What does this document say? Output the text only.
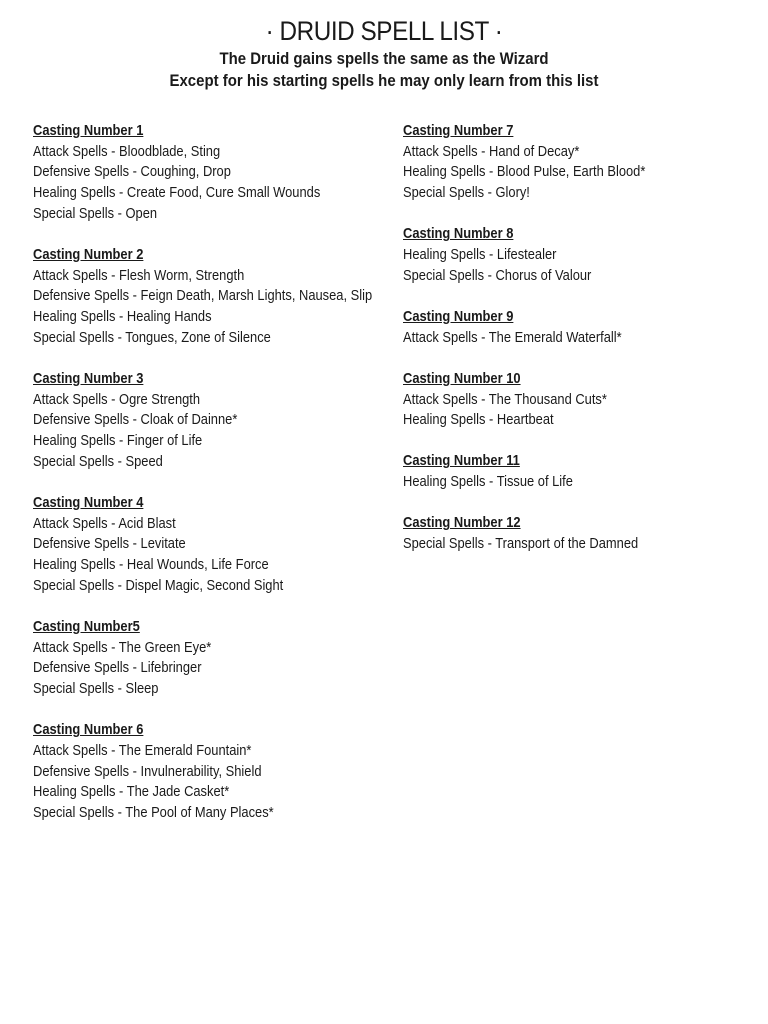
· DRUID SPELL LIST ·
The Druid gains spells the same as the Wizard
Except for his starting spells he may only learn from this list
Casting Number 1
Attack Spells - Bloodblade, Sting
Defensive Spells - Coughing, Drop
Healing Spells - Create Food, Cure Small Wounds
Special Spells - Open
Casting Number 2
Attack Spells - Flesh Worm, Strength
Defensive Spells - Feign Death, Marsh Lights, Nausea, Slip
Healing Spells - Healing Hands
Special Spells - Tongues, Zone of Silence
Casting Number 3
Attack Spells - Ogre Strength
Defensive Spells - Cloak of Dainne*
Healing Spells - Finger of Life
Special Spells - Speed
Casting Number 4
Attack Spells - Acid Blast
Defensive Spells - Levitate
Healing Spells - Heal Wounds, Life Force
Special Spells - Dispel Magic, Second Sight
Casting Number5
Attack Spells - The Green Eye*
Defensive Spells - Lifebringer
Special Spells - Sleep
Casting Number 6
Attack Spells - The Emerald Fountain*
Defensive Spells - Invulnerability, Shield
Healing Spells - The Jade Casket*
Special Spells - The Pool of Many Places*
Casting Number 7
Attack Spells - Hand of Decay*
Healing Spells - Blood Pulse, Earth Blood*
Special Spells - Glory!
Casting Number 8
Healing Spells - Lifestealer
Special Spells - Chorus of Valour
Casting Number 9
Attack Spells - The Emerald Waterfall*
Casting Number 10
Attack Spells - The Thousand Cuts*
Healing Spells - Heartbeat
Casting Number 11
Healing Spells - Tissue of Life
Casting Number 12
Special Spells - Transport of the Damned
